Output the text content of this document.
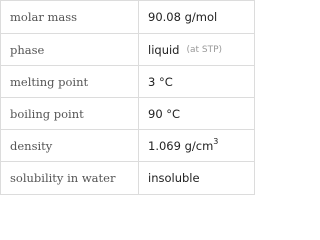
molar mass	90.08 g/mol
phase	liquid (at STP)
melting point	3 °C
boiling point	90 °C
density	1.069 $g/cm^3$
solubility in water	insoluble
